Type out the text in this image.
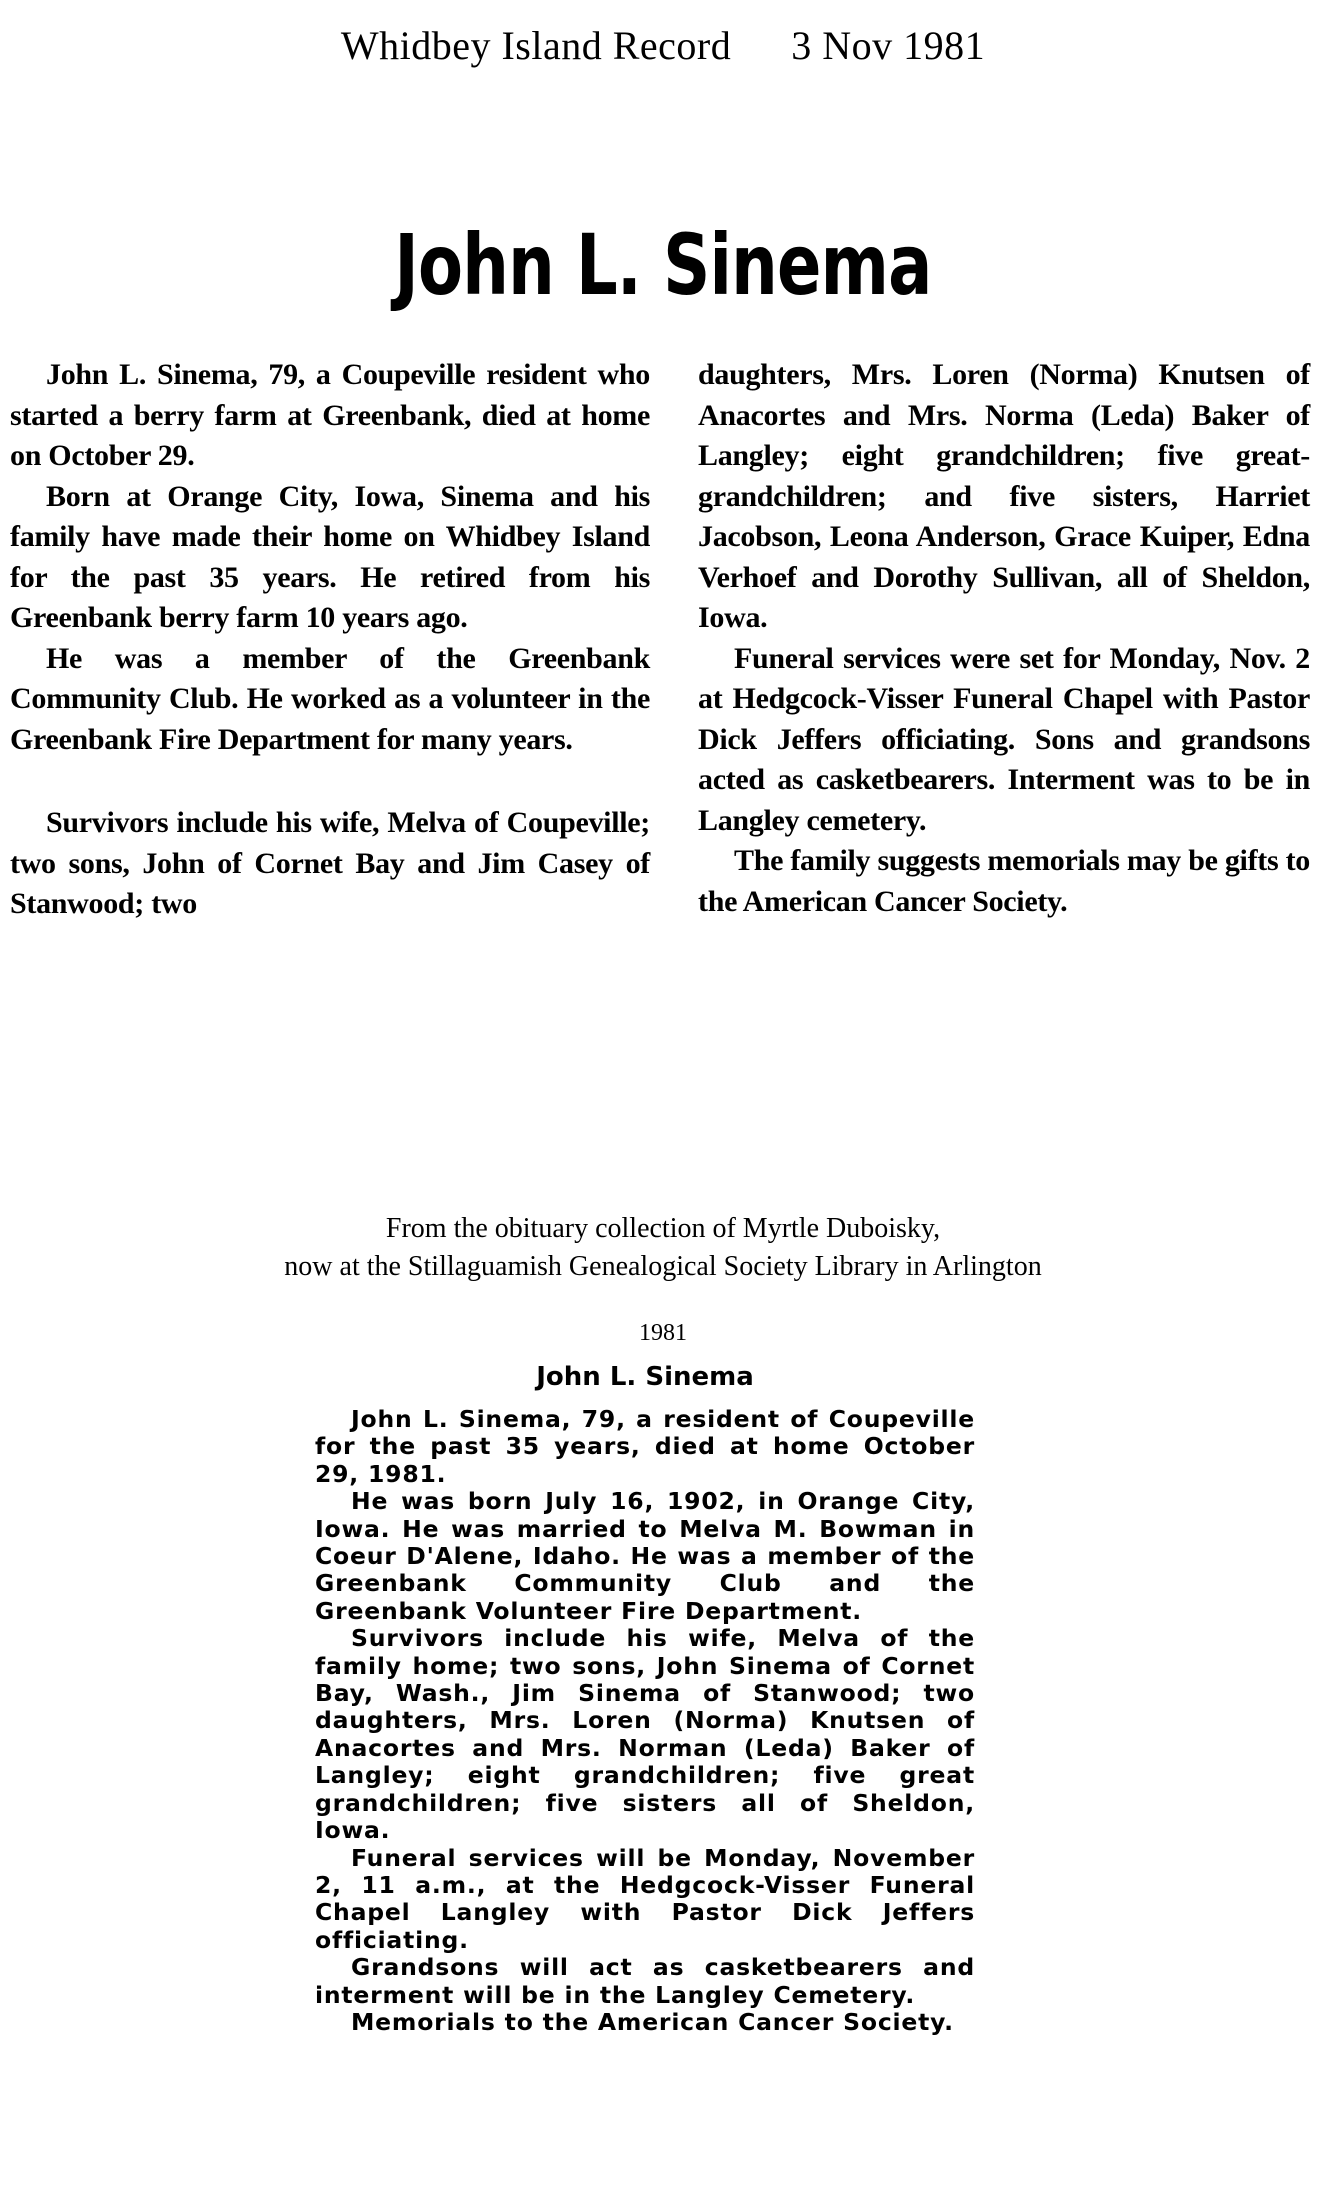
Whidbey Island Record 3 Nov 1981
John L. Sinema

John L. Sinema, 79, a Coupeville resident who started a berry farm at Greenbank, died at home on October 29.

Born at Orange City, Iowa, Sinema and his family have made their home on Whidbey Island for the past 35 years. He retired from his Greenbank berry farm 10 years ago.

He was a member of the Greenbank Community Club. He worked as a volunteer in the Greenbank Fire Department for many years.

Survivors include his wife, Melva of Coupeville; two sons, John of Cornet Bay and Jim Casey of Stanwood; two

daughters, Mrs. Loren (Norma) Knutsen of Anacortes and Mrs. Norma (Leda) Baker of Langley; eight grandchildren; five great-grandchildren; and five sisters, Harriet Jacobson, Leona Anderson, Grace Kuiper, Edna Verhoef and Dorothy Sullivan, all of Sheldon, Iowa.

Funeral services were set for Monday, Nov. 2 at Hedgcock-Visser Funeral Chapel with Pastor Dick Jeffers officiating. Sons and grandsons acted as casketbearers. Interment was to be in Langley cemetery.

The family suggests memorials may be gifts to the American Cancer Society.

From the obituary collection of Myrtle Duboisky,
now at the Stillaguamish Genealogical Society Library in Arlington
1981
John L. Sinema

John L. Sinema, 79, a resident of Coupeville for the past 35 years, died at home October 29, 1981.

He was born July 16, 1902, in Orange City, Iowa. He was married to Melva M. Bowman in Coeur D'Alene, Idaho. He was a member of the Greenbank Community Club and the Greenbank Volunteer Fire Department.

Survivors include his wife, Melva of the family home; two sons, John Sinema of Cornet Bay, Wash., Jim Sinema of Stanwood; two daughters, Mrs. Loren (Norma) Knutsen of Anacortes and Mrs. Norman (Leda) Baker of Langley; eight grandchildren; five great grandchildren; five sisters all of Sheldon, Iowa.

Funeral services will be Monday, November 2, 11 a.m., at the Hedgcock-Visser Funeral Chapel Langley with Pastor Dick Jeffers officiating.

Grandsons will act as casketbearers and interment will be in the Langley Cemetery.

Memorials to the American Cancer Society.
